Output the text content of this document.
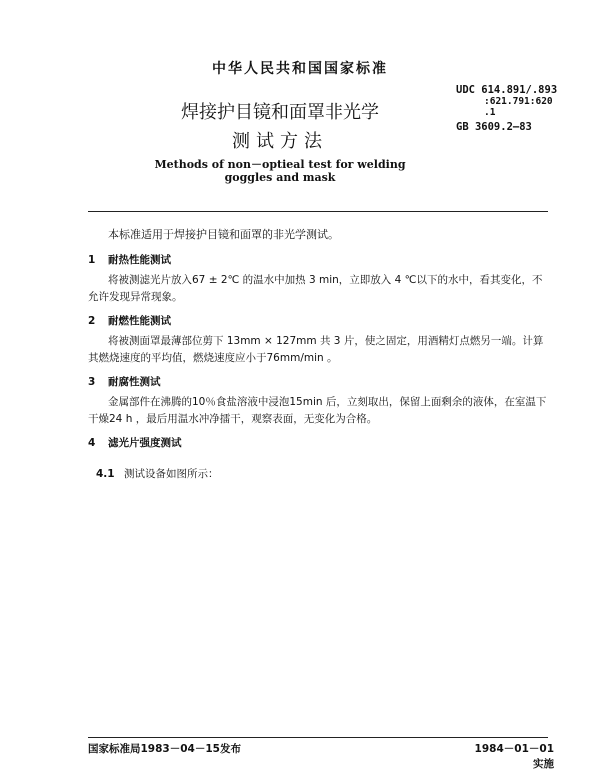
中华人民共和国国家标准
UDC 614.891/.893
:621.791:620
.1
GB 3609.2—83
焊接护目镜和面罩非光学
测试方法
Methods of non－optieal test for welding
goggles and mask
本标准适用于焊接护目镜和面罩的非光学测试。
1 耐热性能测试
将被测滤光片放入67 ± 2℃ 的温水中加热 3 min，立即放入 4 ℃以下的水中，看其变化，不允许发现异常现象。
2 耐燃性能测试
将被测面罩最薄部位剪下 13mm × 127mm 共 3 片，使之固定，用酒精灯点燃另一端。计算其燃烧速度的平均值，燃烧速度应小于76mm/min 。
3 耐腐性测试
金属部件在沸腾的10％食盐溶液中浸泡15min 后，立刻取出，保留上面剩余的液体，在室温下干燥24 h ，最后用温水冲净擂干，观察表面，无变化为合格。
4 滤光片强度测试
4.1 测试设备如图所示：
国家标准局1983－04－15发布	1984－01－01实施
